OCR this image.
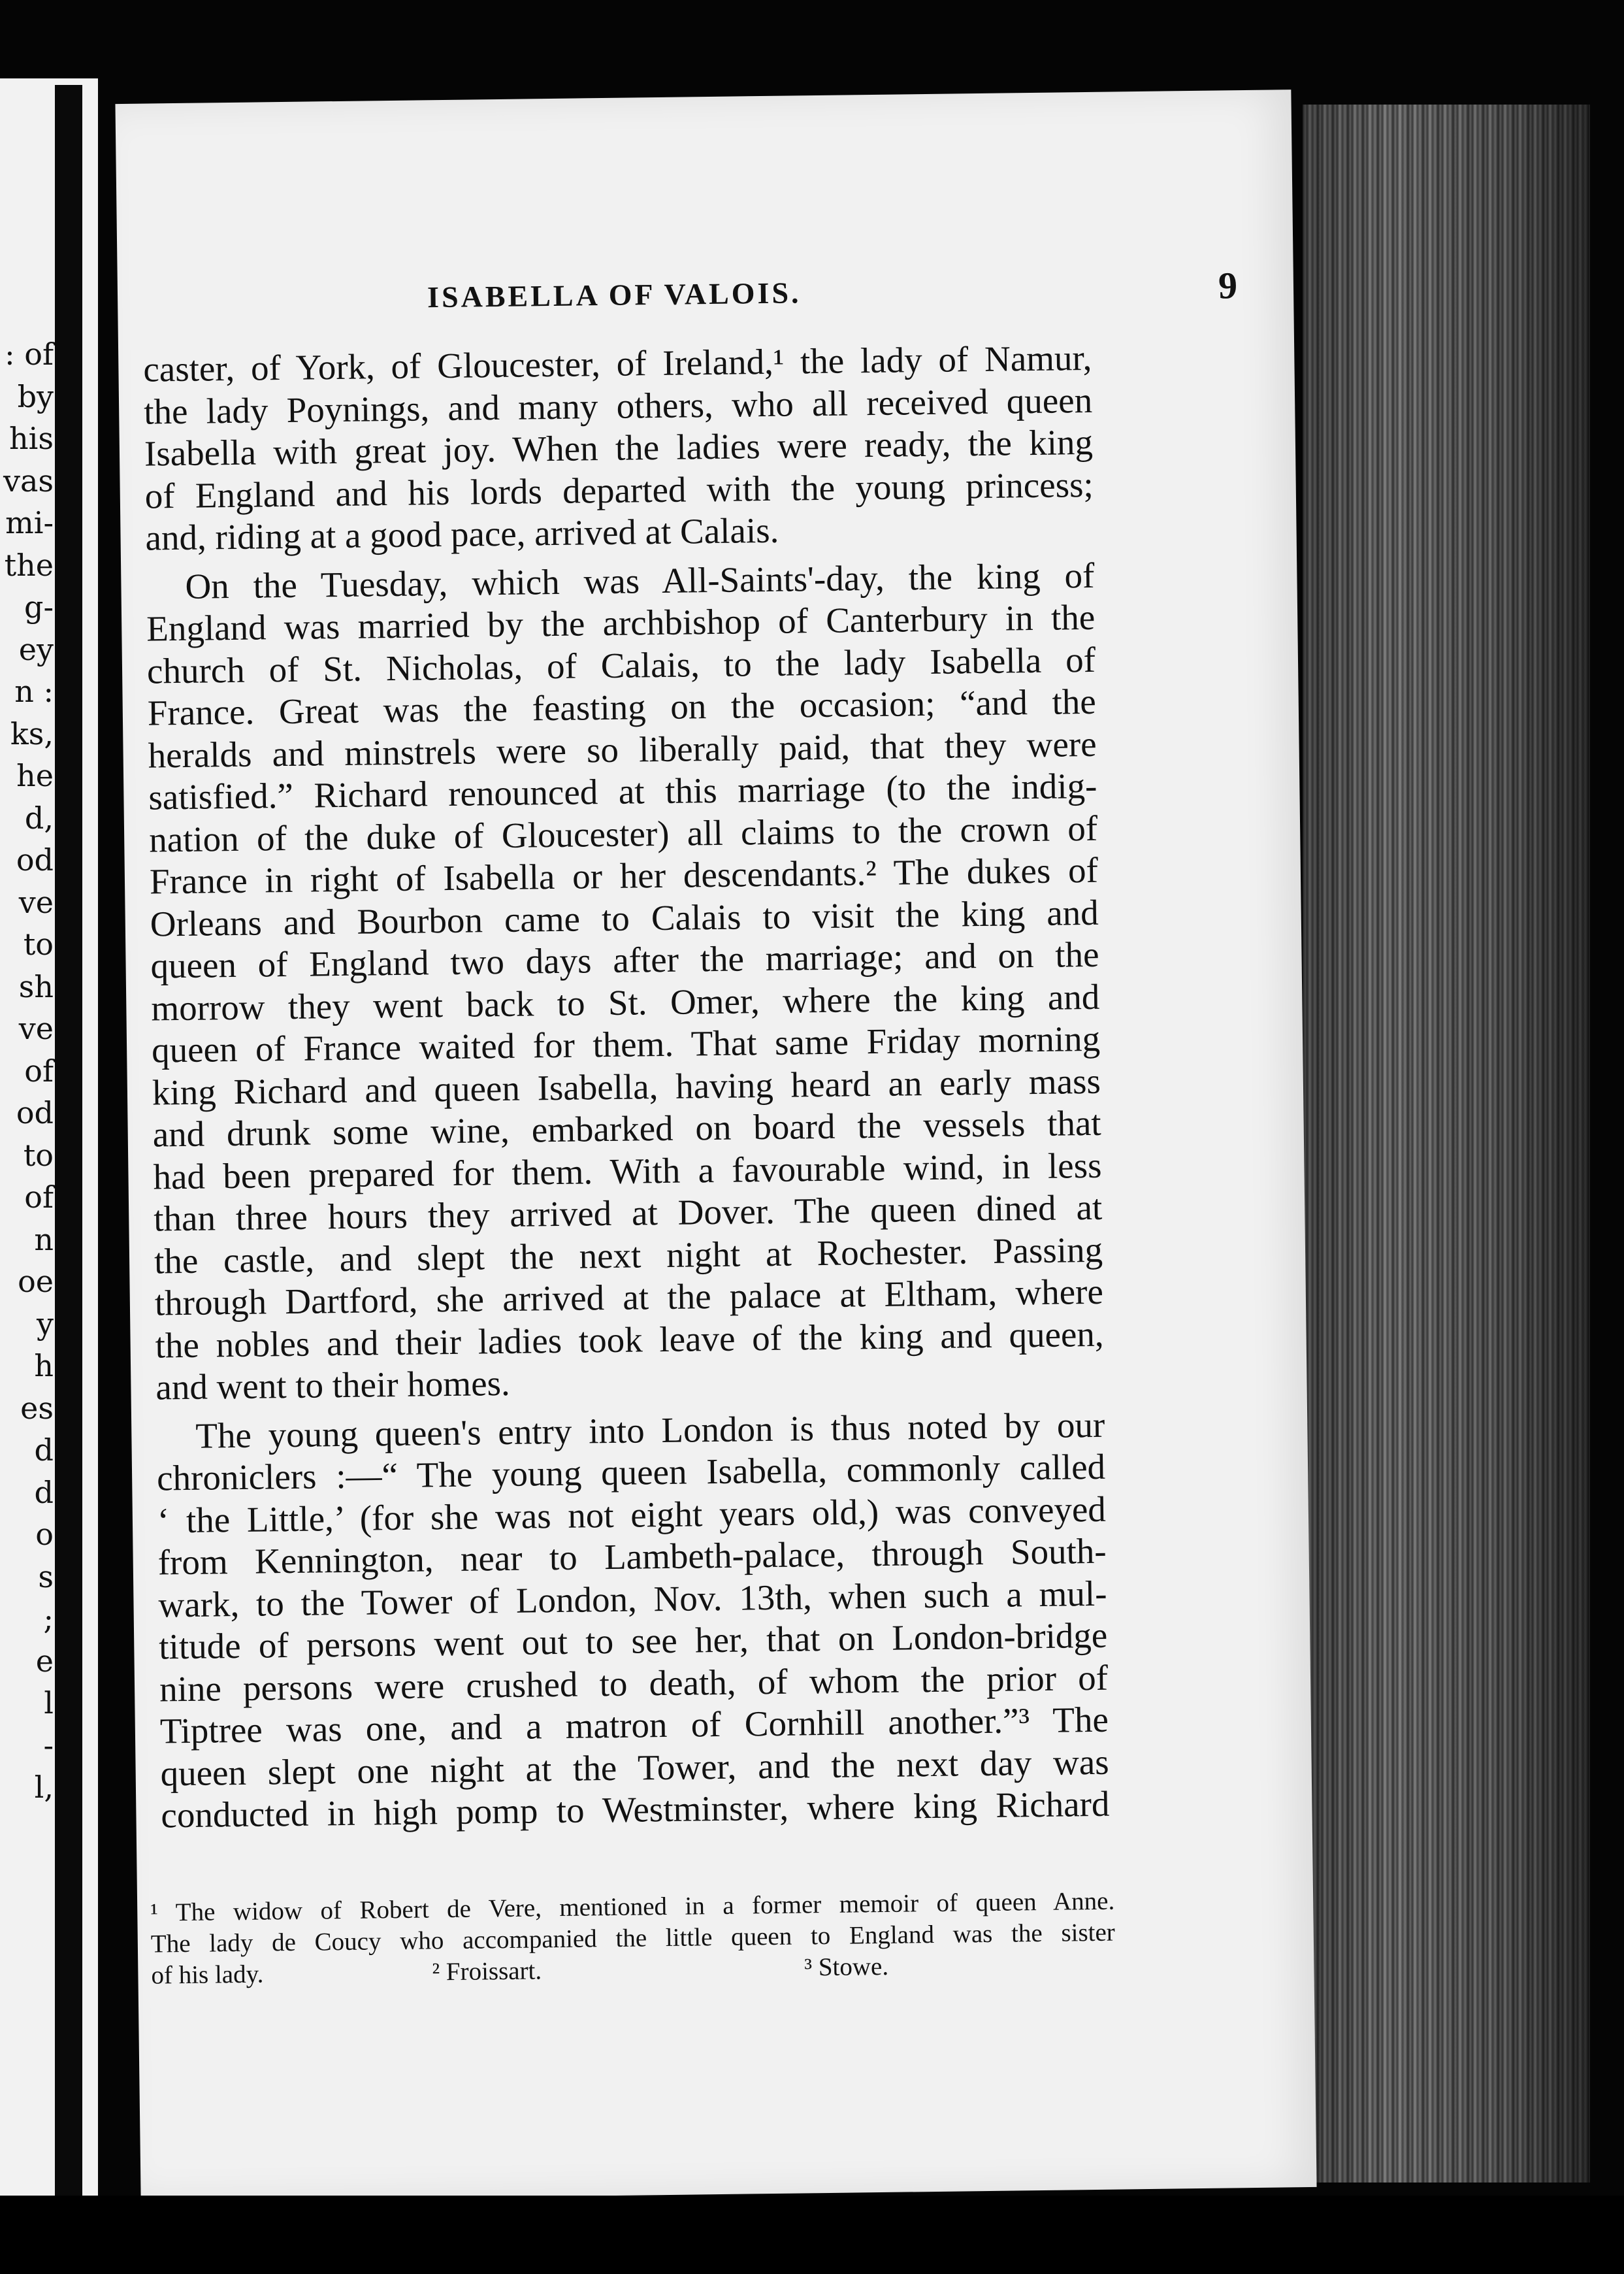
: of
by
his
vas
mi-
the
g-
ey
n :
ks,
he
d,
od
ve
to
sh
ve
of
od
to
of
n
oe
y
h
es
d
d
o
s
;
e
l
-
l,
ISABELLA OF VALOIS.	9
caster, of York, of Gloucester, of Ireland,¹ the lady of Namur,
the lady Poynings, and many others, who all received queen
Isabella with great joy. When the ladies were ready, the king
of England and his lords departed with the young princess;
and, riding at a good pace, arrived at Calais.
On the Tuesday, which was All-Saints'-day, the king of
England was married by the archbishop of Canterbury in the
church of St. Nicholas, of Calais, to the lady Isabella of
France. Great was the feasting on the occasion; “and the
heralds and minstrels were so liberally paid, that they were
satisfied.” Richard renounced at this marriage (to the indig-
nation of the duke of Gloucester) all claims to the crown of
France in right of Isabella or her descendants.² The dukes of
Orleans and Bourbon came to Calais to visit the king and
queen of England two days after the marriage; and on the
morrow they went back to St. Omer, where the king and
queen of France waited for them. That same Friday morning
king Richard and queen Isabella, having heard an early mass
and drunk some wine, embarked on board the vessels that
had been prepared for them. With a favourable wind, in less
than three hours they arrived at Dover. The queen dined at
the castle, and slept the next night at Rochester. Passing
through Dartford, she arrived at the palace at Eltham, where
the nobles and their ladies took leave of the king and queen,
and went to their homes.
The young queen's entry into London is thus noted by our
chroniclers :—“ The young queen Isabella, commonly called
‘ the Little,’ (for she was not eight years old,) was conveyed
from Kennington, near to Lambeth-palace, through South-
wark, to the Tower of London, Nov. 13th, when such a mul-
titude of persons went out to see her, that on London-bridge
nine persons were crushed to death, of whom the prior of
Tiptree was one, and a matron of Cornhill another.”³ The
queen slept one night at the Tower, and the next day was
conducted in high pomp to Westminster, where king Richard
¹ The widow of Robert de Vere, mentioned in a former memoir of queen Anne.
The lady de Coucy who accompanied the little queen to England was the sister
of his lady.	² Froissart.	³ Stowe.
